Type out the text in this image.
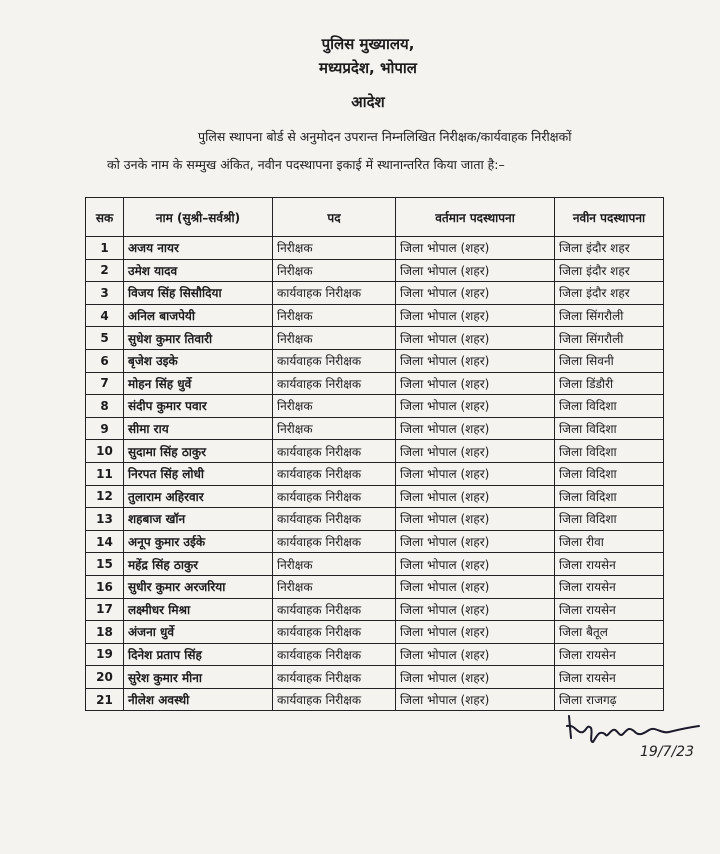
पुलिस मुख्यालय,
मध्यप्रदेश, भोपाल
आदेश
पुलिस स्थापना बोर्ड से अनुमोदन उपरान्त निम्नलिखित निरीक्षक/कार्यवाहक निरीक्षकों
को उनके नाम के सम्मुख अंकित, नवीन पदस्थापना इकाई में स्थानान्तरित किया जाता है:–
सक	नाम (सुश्री–सर्वश्री)	पद	वर्तमान पदस्थापना	नवीन पदस्थापना
1	अजय नायर	निरीक्षक	जिला भोपाल (शहर)	जिला इंदौर शहर
2	उमेश यादव	निरीक्षक	जिला भोपाल (शहर)	जिला इंदौर शहर
3	विजय सिंह सिसौदिया	कार्यवाहक निरीक्षक	जिला भोपाल (शहर)	जिला इंदौर शहर
4	अनिल बाजपेयी	निरीक्षक	जिला भोपाल (शहर)	जिला सिंगरौली
5	सुधेश कुमार तिवारी	निरीक्षक	जिला भोपाल (शहर)	जिला सिंगरौली
6	बृजेश उइके	कार्यवाहक निरीक्षक	जिला भोपाल (शहर)	जिला सिवनी
7	मोहन सिंह धुर्वे	कार्यवाहक निरीक्षक	जिला भोपाल (शहर)	जिला डिंडौरी
8	संदीप कुमार पवार	निरीक्षक	जिला भोपाल (शहर)	जिला विदिशा
9	सीमा राय	निरीक्षक	जिला भोपाल (शहर)	जिला विदिशा
10	सुदामा सिंह ठाकुर	कार्यवाहक निरीक्षक	जिला भोपाल (शहर)	जिला विदिशा
11	निरपत सिंह लोधी	कार्यवाहक निरीक्षक	जिला भोपाल (शहर)	जिला विदिशा
12	तुलाराम अहिरवार	कार्यवाहक निरीक्षक	जिला भोपाल (शहर)	जिला विदिशा
13	शहबाज खॉन	कार्यवाहक निरीक्षक	जिला भोपाल (शहर)	जिला विदिशा
14	अनूप कुमार उईके	कार्यवाहक निरीक्षक	जिला भोपाल (शहर)	जिला रीवा
15	महेंद्र सिंह ठाकुर	निरीक्षक	जिला भोपाल (शहर)	जिला रायसेन
16	सुधीर कुमार अरजरिया	निरीक्षक	जिला भोपाल (शहर)	जिला रायसेन
17	लक्ष्मीधर मिश्रा	कार्यवाहक निरीक्षक	जिला भोपाल (शहर)	जिला रायसेन
18	अंजना धुर्वे	कार्यवाहक निरीक्षक	जिला भोपाल (शहर)	जिला बैतूल
19	दिनेश प्रताप सिंह	कार्यवाहक निरीक्षक	जिला भोपाल (शहर)	जिला रायसेन
20	सुरेश कुमार मीना	कार्यवाहक निरीक्षक	जिला भोपाल (शहर)	जिला रायसेन
21	नीलेश अवस्थी	कार्यवाहक निरीक्षक	जिला भोपाल (शहर)	जिला राजगढ़
19/7/23
